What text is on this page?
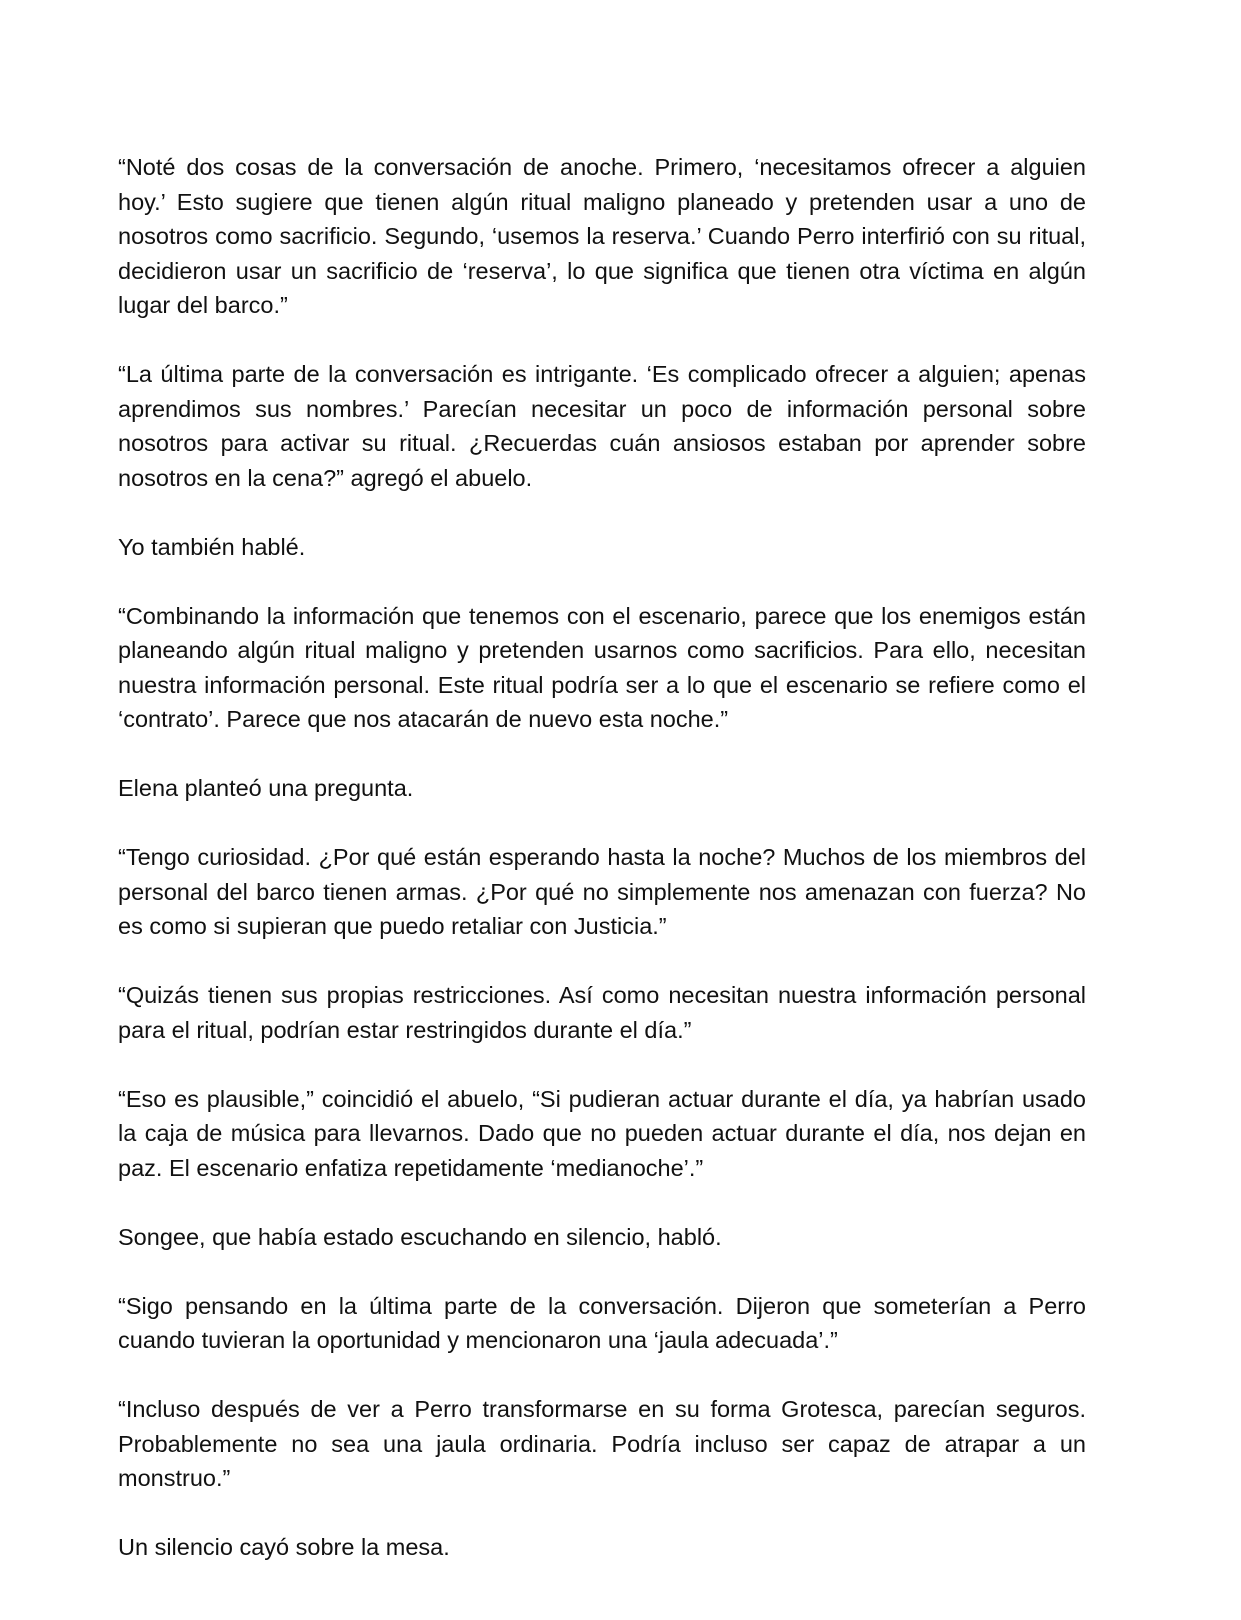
“Noté dos cosas de la conversación de anoche. Primero, ‘necesitamos ofrecer a alguien hoy.’ Esto sugiere que tienen algún ritual maligno planeado y pretenden usar a uno de nosotros como sacrificio. Segundo, ‘usemos la reserva.’ Cuando Perro interfirió con su ritual, decidieron usar un sacrificio de ‘reserva’, lo que significa que tienen otra víctima en algún lugar del barco.”

“La última parte de la conversación es intrigante. ‘Es complicado ofrecer a alguien; apenas aprendimos sus nombres.’ Parecían necesitar un poco de información personal sobre nosotros para activar su ritual. ¿Recuerdas cuán ansiosos estaban por aprender sobre nosotros en la cena?” agregó el abuelo.

Yo también hablé.

“Combinando la información que tenemos con el escenario, parece que los enemigos están planeando algún ritual maligno y pretenden usarnos como sacrificios. Para ello, necesitan nuestra información personal. Este ritual podría ser a lo que el escenario se refiere como el ‘contrato’. Parece que nos atacarán de nuevo esta noche.”

Elena planteó una pregunta.

“Tengo curiosidad. ¿Por qué están esperando hasta la noche? Muchos de los miembros del personal del barco tienen armas. ¿Por qué no simplemente nos amenazan con fuerza? No es como si supieran que puedo retaliar con Justicia.”

“Quizás tienen sus propias restricciones. Así como necesitan nuestra información personal para el ritual, podrían estar restringidos durante el día.”

“Eso es plausible,” coincidió el abuelo, “Si pudieran actuar durante el día, ya habrían usado la caja de música para llevarnos. Dado que no pueden actuar durante el día, nos dejan en paz. El escenario enfatiza repetidamente ‘medianoche’.”

Songee, que había estado escuchando en silencio, habló.

“Sigo pensando en la última parte de la conversación. Dijeron que someterían a Perro cuando tuvieran la oportunidad y mencionaron una ‘jaula adecuada’.”

“Incluso después de ver a Perro transformarse en su forma Grotesca, parecían seguros. Probablemente no sea una jaula ordinaria. Podría incluso ser capaz de atrapar a un monstruo.”

Un silencio cayó sobre la mesa.
